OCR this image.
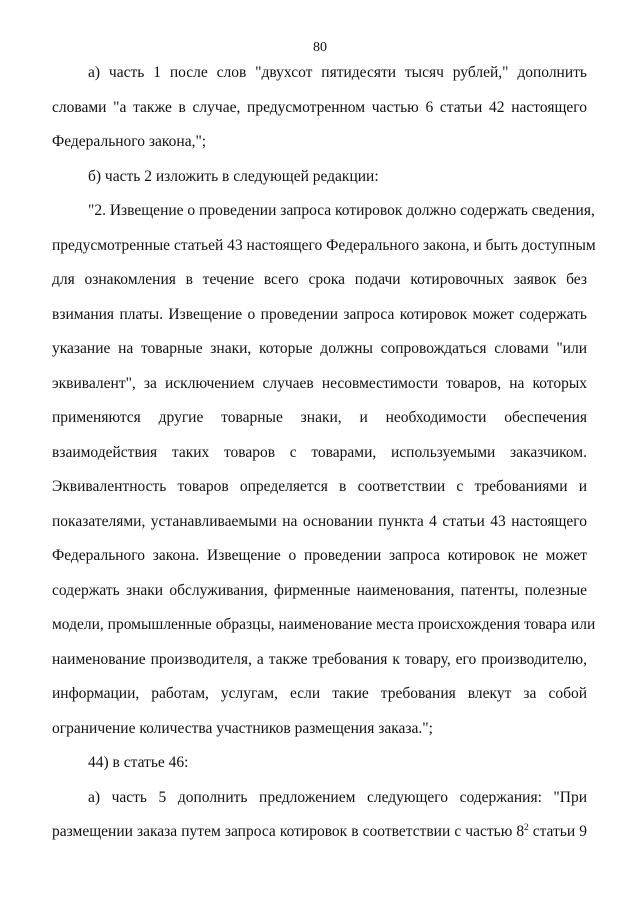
80
а) часть 1 после слов "двухсот пятидесяти тысяч рублей," дополнить
словами "а также в случае, предусмотренном частью 6 статьи 42 настоящего
Федерального закона,";
б) часть 2 изложить в следующей редакции:
"2. Извещение о проведении запроса котировок должно содержать сведения,
предусмотренные статьей 43 настоящего Федерального закона, и быть доступным
для ознакомления в течение всего срока подачи котировочных заявок без
взимания платы. Извещение о проведении запроса котировок может содержать
указание на товарные знаки, которые должны сопровождаться словами "или
эквивалент", за исключением случаев несовместимости товаров, на которых
применяются другие товарные знаки, и необходимости обеспечения
взаимодействия таких товаров с товарами, используемыми заказчиком.
Эквивалентность товаров определяется в соответствии с требованиями и
показателями, устанавливаемыми на основании пункта 4 статьи 43 настоящего
Федерального закона. Извещение о проведении запроса котировок не может
содержать знаки обслуживания, фирменные наименования, патенты, полезные
модели, промышленные образцы, наименование места происхождения товара или
наименование производителя, а также требования к товару, его производителю,
информации, работам, услугам, если такие требования влекут за собой
ограничение количества участников размещения заказа.";
44) в статье 46:
а) часть 5 дополнить предложением следующего содержания: "При
размещении заказа путем запроса котировок в соответствии с частью $8^2$ статьи 9
